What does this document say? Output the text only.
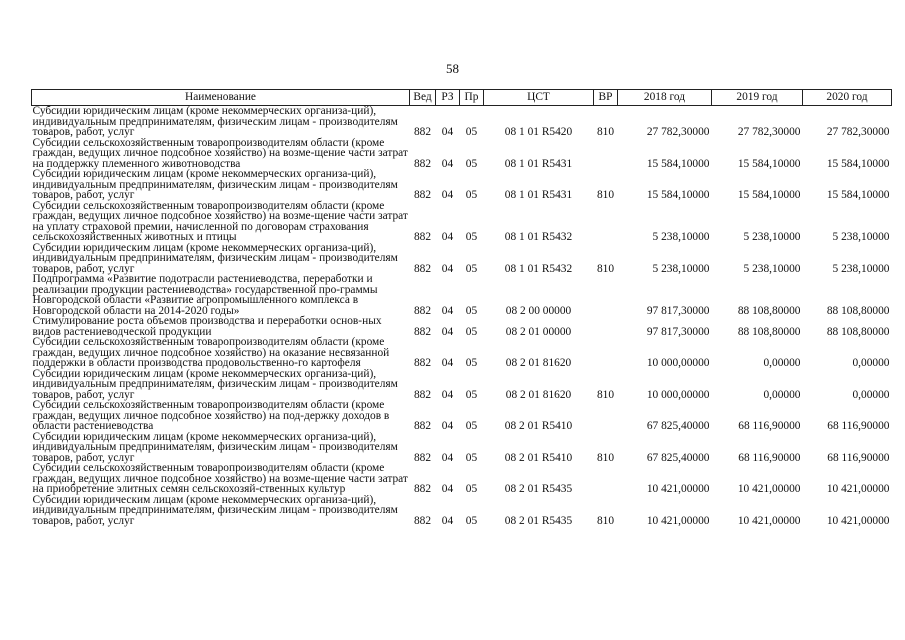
58
Наименование	Вед	РЗ	Пр	ЦСТ	ВР	2018 год	2019 год	2020 год
Субсидии юридическим лицам (кроме некоммерческих организа-ций), индивидуальным предпринимателям, физическим лицам - производителям товаров, работ, услуг	882	04	05	08 1 01 R5420	810	27 782,30000	27 782,30000	27 782,30000
Субсидии сельскохозяйственным товаропроизводителям области (кроме граждан, ведущих личное подсобное хозяйство) на возме-щение части затрат на поддержку племенного животноводства	882	04	05	08 1 01 R5431		15 584,10000	15 584,10000	15 584,10000
Субсидии юридическим лицам (кроме некоммерческих организа-ций), индивидуальным предпринимателям, физическим лицам - производителям товаров, работ, услуг	882	04	05	08 1 01 R5431	810	15 584,10000	15 584,10000	15 584,10000
Субсидии сельскохозяйственным товаропроизводителям области (кроме граждан, ведущих личное подсобное хозяйство) на возме-щение части затрат на уплату страховой премии, начисленной по договорам страхования сельскохозяйственных животных и птицы	882	04	05	08 1 01 R5432		5 238,10000	5 238,10000	5 238,10000
Субсидии юридическим лицам (кроме некоммерческих организа-ций), индивидуальным предпринимателям, физическим лицам - производителям товаров, работ, услуг	882	04	05	08 1 01 R5432	810	5 238,10000	5 238,10000	5 238,10000
Подпрограмма «Развитие подотрасли растениеводства, переработки и реализации продукции растениеводства» государственной про-граммы Новгородской области «Развитие агропромышленного комплекса в Новгородской области на 2014-2020 годы»	882	04	05	08 2 00 00000		97 817,30000	88 108,80000	88 108,80000
Стимулирование роста объемов производства и переработки основ-ных видов растениеводческой продукции	882	04	05	08 2 01 00000		97 817,30000	88 108,80000	88 108,80000
Субсидии сельскохозяйственным товаропроизводителям области (кроме граждан, ведущих личное подсобное хозяйство) на оказание несвязанной поддержки в области производства продовольственно-го картофеля	882	04	05	08 2 01 81620		10 000,00000	0,00000	0,00000
Субсидии юридическим лицам (кроме некоммерческих организа-ций), индивидуальным предпринимателям, физическим лицам - производителям товаров, работ, услуг	882	04	05	08 2 01 81620	810	10 000,00000	0,00000	0,00000
Субсидии сельскохозяйственным товаропроизводителям области (кроме граждан, ведущих личное подсобное хозяйство) на под-держку доходов в области растениеводства	882	04	05	08 2 01 R5410		67 825,40000	68 116,90000	68 116,90000
Субсидии юридическим лицам (кроме некоммерческих организа-ций), индивидуальным предпринимателям, физическим лицам - производителям товаров, работ, услуг	882	04	05	08 2 01 R5410	810	67 825,40000	68 116,90000	68 116,90000
Субсидии сельскохозяйственным товаропроизводителям области (кроме граждан, ведущих личное подсобное хозяйство) на возме-щение части затрат на приобретение элитных семян сельскохозяй-ственных культур	882	04	05	08 2 01 R5435		10 421,00000	10 421,00000	10 421,00000
Субсидии юридическим лицам (кроме некоммерческих организа-ций), индивидуальным предпринимателям, физическим лицам - производителям товаров, работ, услуг	882	04	05	08 2 01 R5435	810	10 421,00000	10 421,00000	10 421,00000
